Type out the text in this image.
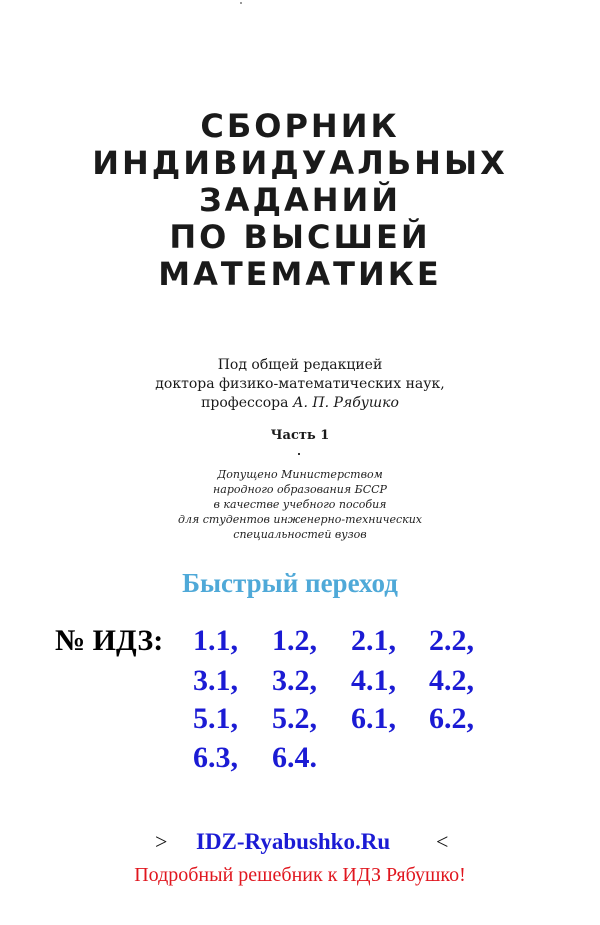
СБОРНИК
ИНДИВИДУАЛЬНЫХ
ЗАДАНИЙ
ПО ВЫСШЕЙ
МАТЕМАТИКЕ
Под общей редакцией
доктора физико-математических наук,
профессора А. П. Рябушко
Часть 1
Допущено Министерством
народного образования БССР
в качестве учебного пособия
для студентов инженерно-технических
специальностей вузов
Быстрый переход
№ ИДЗ: 1.1, 1.2, 2.1, 2.2,
3.1, 3.2, 4.1, 4.2,
5.1, 5.2, 6.1, 6.2,
6.3, 6.4.
> IDZ-Ryabushko.Ru <
Подробный решебник к ИДЗ Рябушко!
